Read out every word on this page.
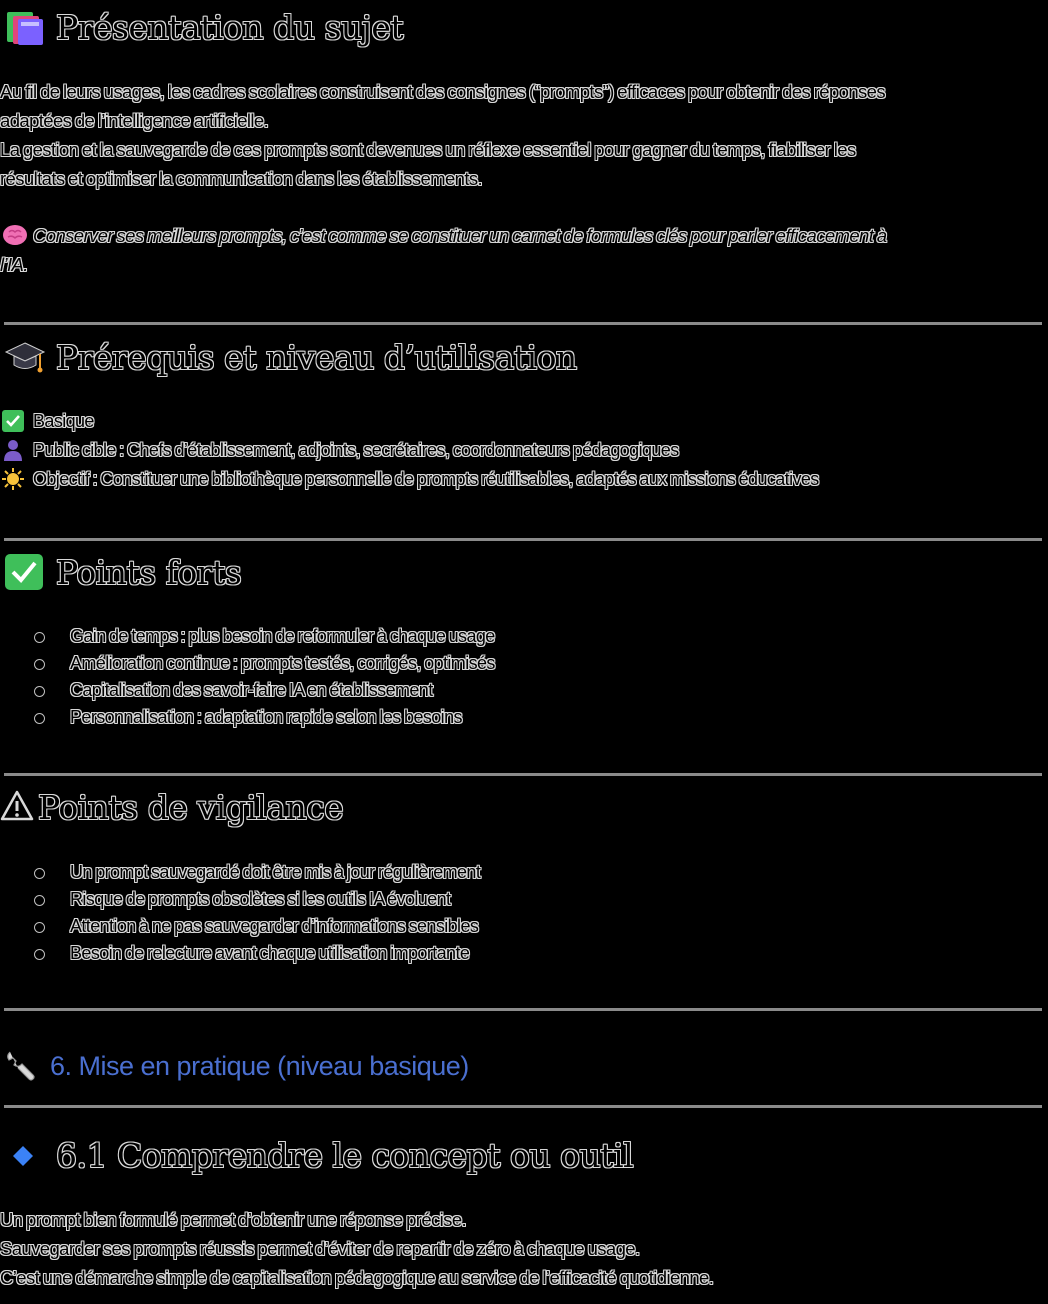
Présentation du sujet
Au fil de leurs usages, les cadres scolaires construisent des consignes (“prompts”) efficaces pour obtenir des réponses
adaptées de l’intelligence artificielle.
La gestion et la sauvegarde de ces prompts sont devenues un réflexe essentiel pour gagner du temps, fiabiliser les
résultats et optimiser la communication dans les établissements.
Conserver ses meilleurs prompts, c’est comme se constituer un carnet de formules clés pour parler efficacement à
l’IA.
Prérequis et niveau d’utilisation
Basique
Public cible : Chefs d’établissement, adjoints, secrétaires, coordonnateurs pédagogiques
Objectif : Constituer une bibliothèque personnelle de prompts réutilisables, adaptés aux missions éducatives
Points forts
Gain de temps : plus besoin de reformuler à chaque usage
Amélioration continue : prompts testés, corrigés, optimisés
Capitalisation des savoir-faire IA en établissement
Personnalisation : adaptation rapide selon les besoins
Points de vigilance
Un prompt sauvegardé doit être mis à jour régulièrement
Risque de prompts obsolètes si les outils IA évoluent
Attention à ne pas sauvegarder d’informations sensibles
Besoin de relecture avant chaque utilisation importante
6. Mise en pratique (niveau basique)
6.1 Comprendre le concept ou outil
Un prompt bien formulé permet d’obtenir une réponse précise.
Sauvegarder ses prompts réussis permet d’éviter de repartir de zéro à chaque usage.
C’est une démarche simple de capitalisation pédagogique au service de l’efficacité quotidienne.
